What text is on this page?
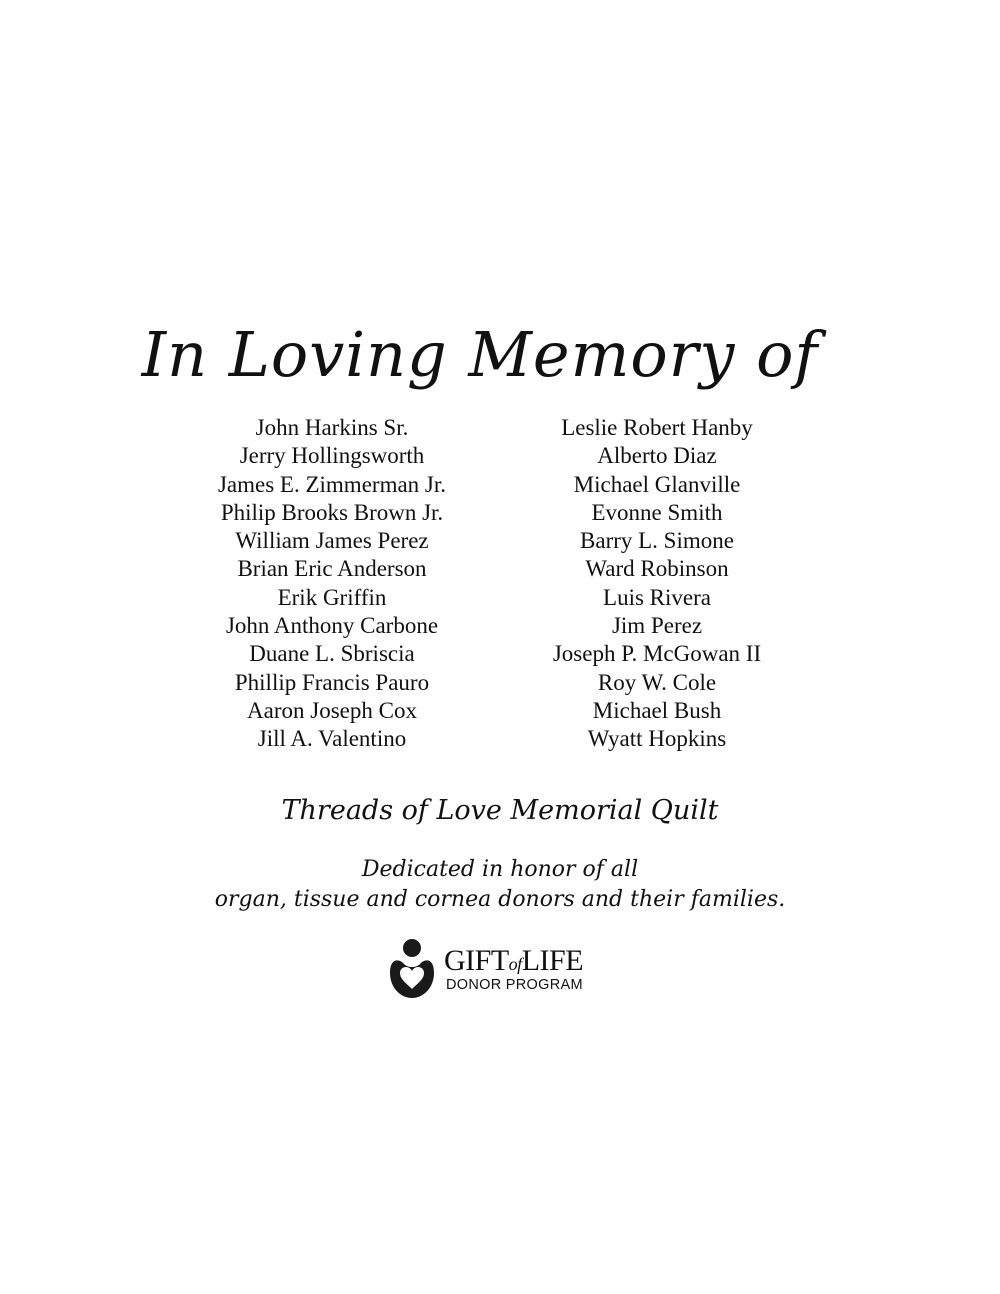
In Loving Memory of
John Harkins Sr.
Jerry Hollingsworth
James E. Zimmerman Jr.
Philip Brooks Brown Jr.
William James Perez
Brian Eric Anderson
Erik Griffin
John Anthony Carbone
Duane L. Sbriscia
Phillip Francis Pauro
Aaron Joseph Cox
Jill A. Valentino
Leslie Robert Hanby
Alberto Diaz
Michael Glanville
Evonne Smith
Barry L. Simone
Ward Robinson
Luis Rivera
Jim Perez
Joseph P. McGowan II
Roy W. Cole
Michael Bush
Wyatt Hopkins

Threads of Love Memorial Quilt

Dedicated in honor of all
organ, tissue and cornea donors and their families.

GIFTofLIFE
DONOR PROGRAM
